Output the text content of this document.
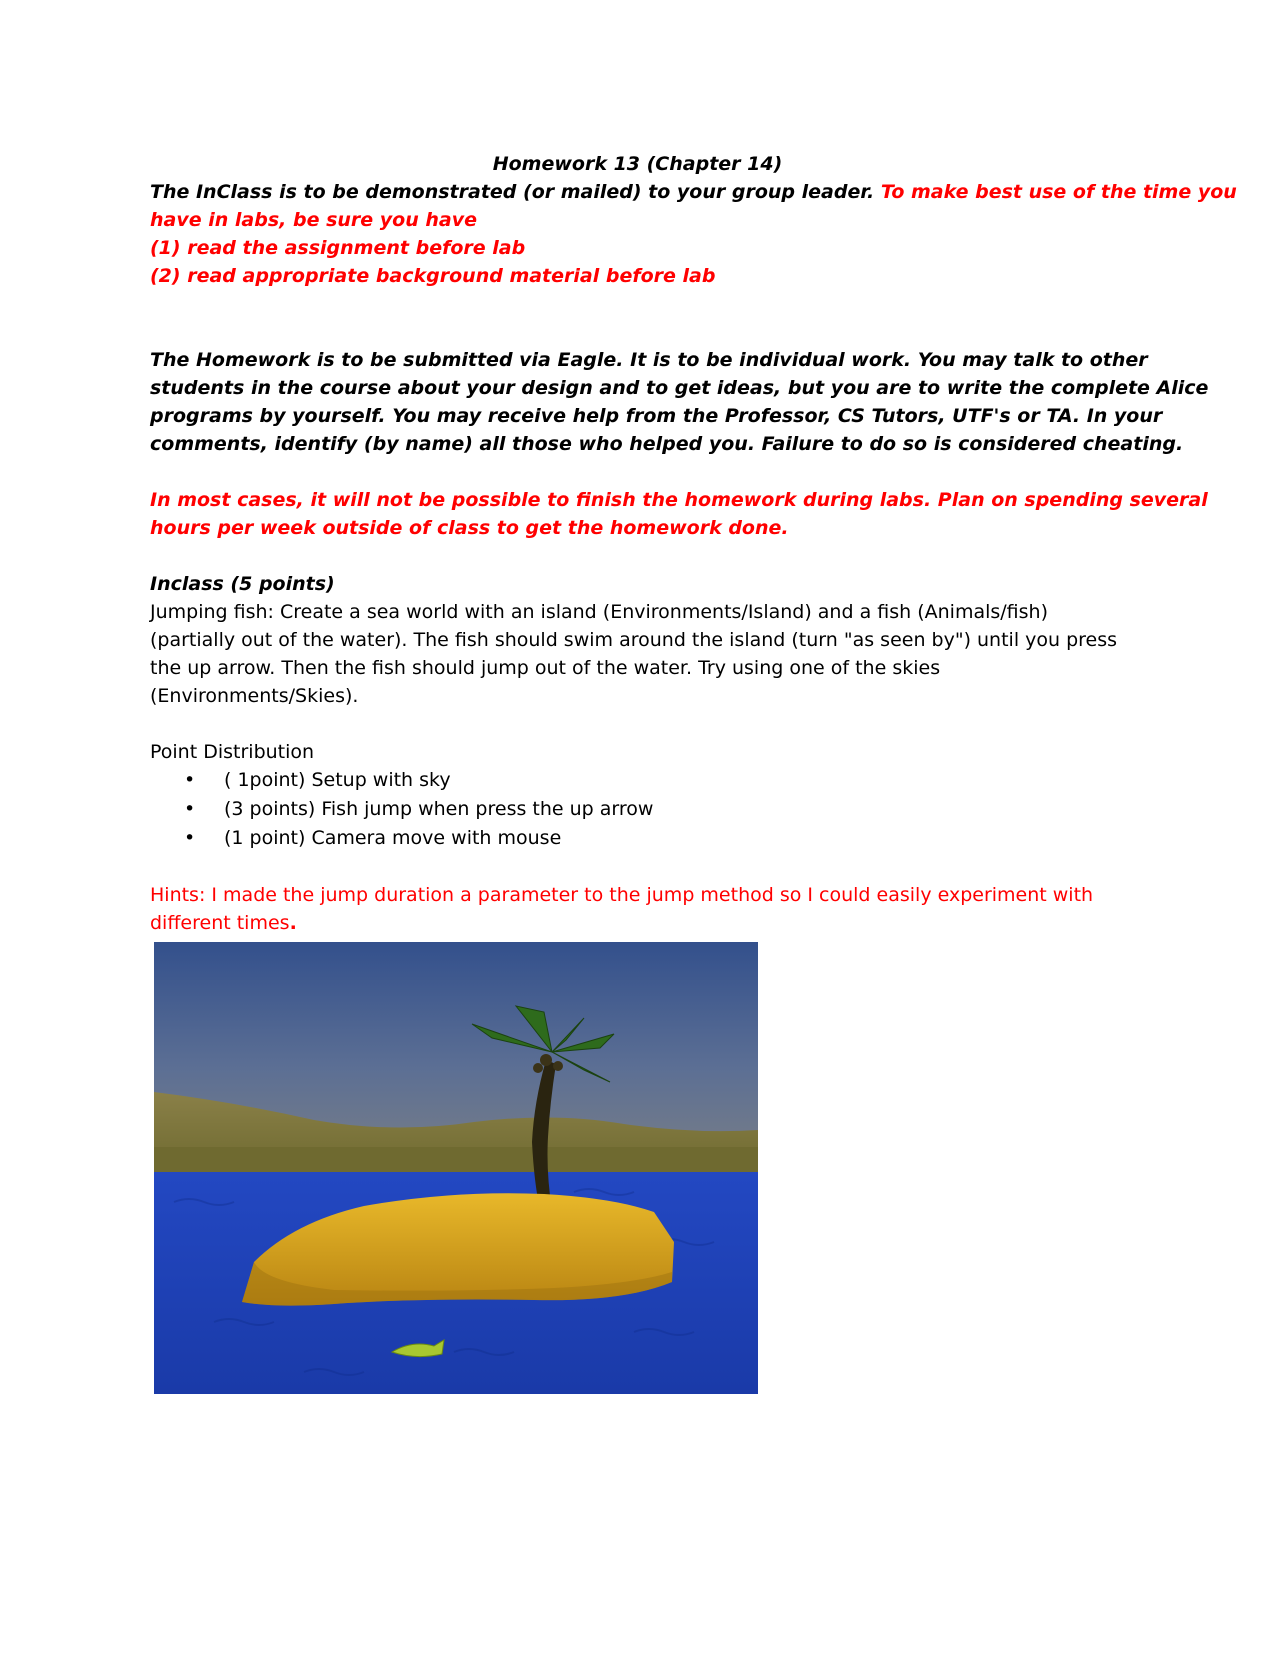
Homework 13 (Chapter 14)
The InClass is to be demonstrated (or mailed) to your group leader. To make best use of the time you
have in labs, be sure you have
(1) read the assignment before lab
(2) read appropriate background material before lab
The Homework is to be submitted via Eagle. It is to be individual work. You may talk to other
students in the course about your design and to get ideas, but you are to write the complete Alice
programs by yourself. You may receive help from the Professor, CS Tutors, UTF's or TA. In your
comments, identify (by name) all those who helped you. Failure to do so is considered cheating.
In most cases, it will not be possible to finish the homework during labs. Plan on spending several
hours per week outside of class to get the homework done.
Inclass (5 points)
Jumping fish: Create a sea world with an island (Environments/Island) and a fish (Animals/fish)
(partially out of the water). The fish should swim around the island (turn "as seen by") until you press
the up arrow. Then the fish should jump out of the water. Try using one of the skies
(Environments/Skies).
Point Distribution
• ( 1point) Setup with sky
• (3 points) Fish jump when press the up arrow
• (1 point) Camera move with mouse
Hints: I made the jump duration a parameter to the jump method so I could easily experiment with
different times.
